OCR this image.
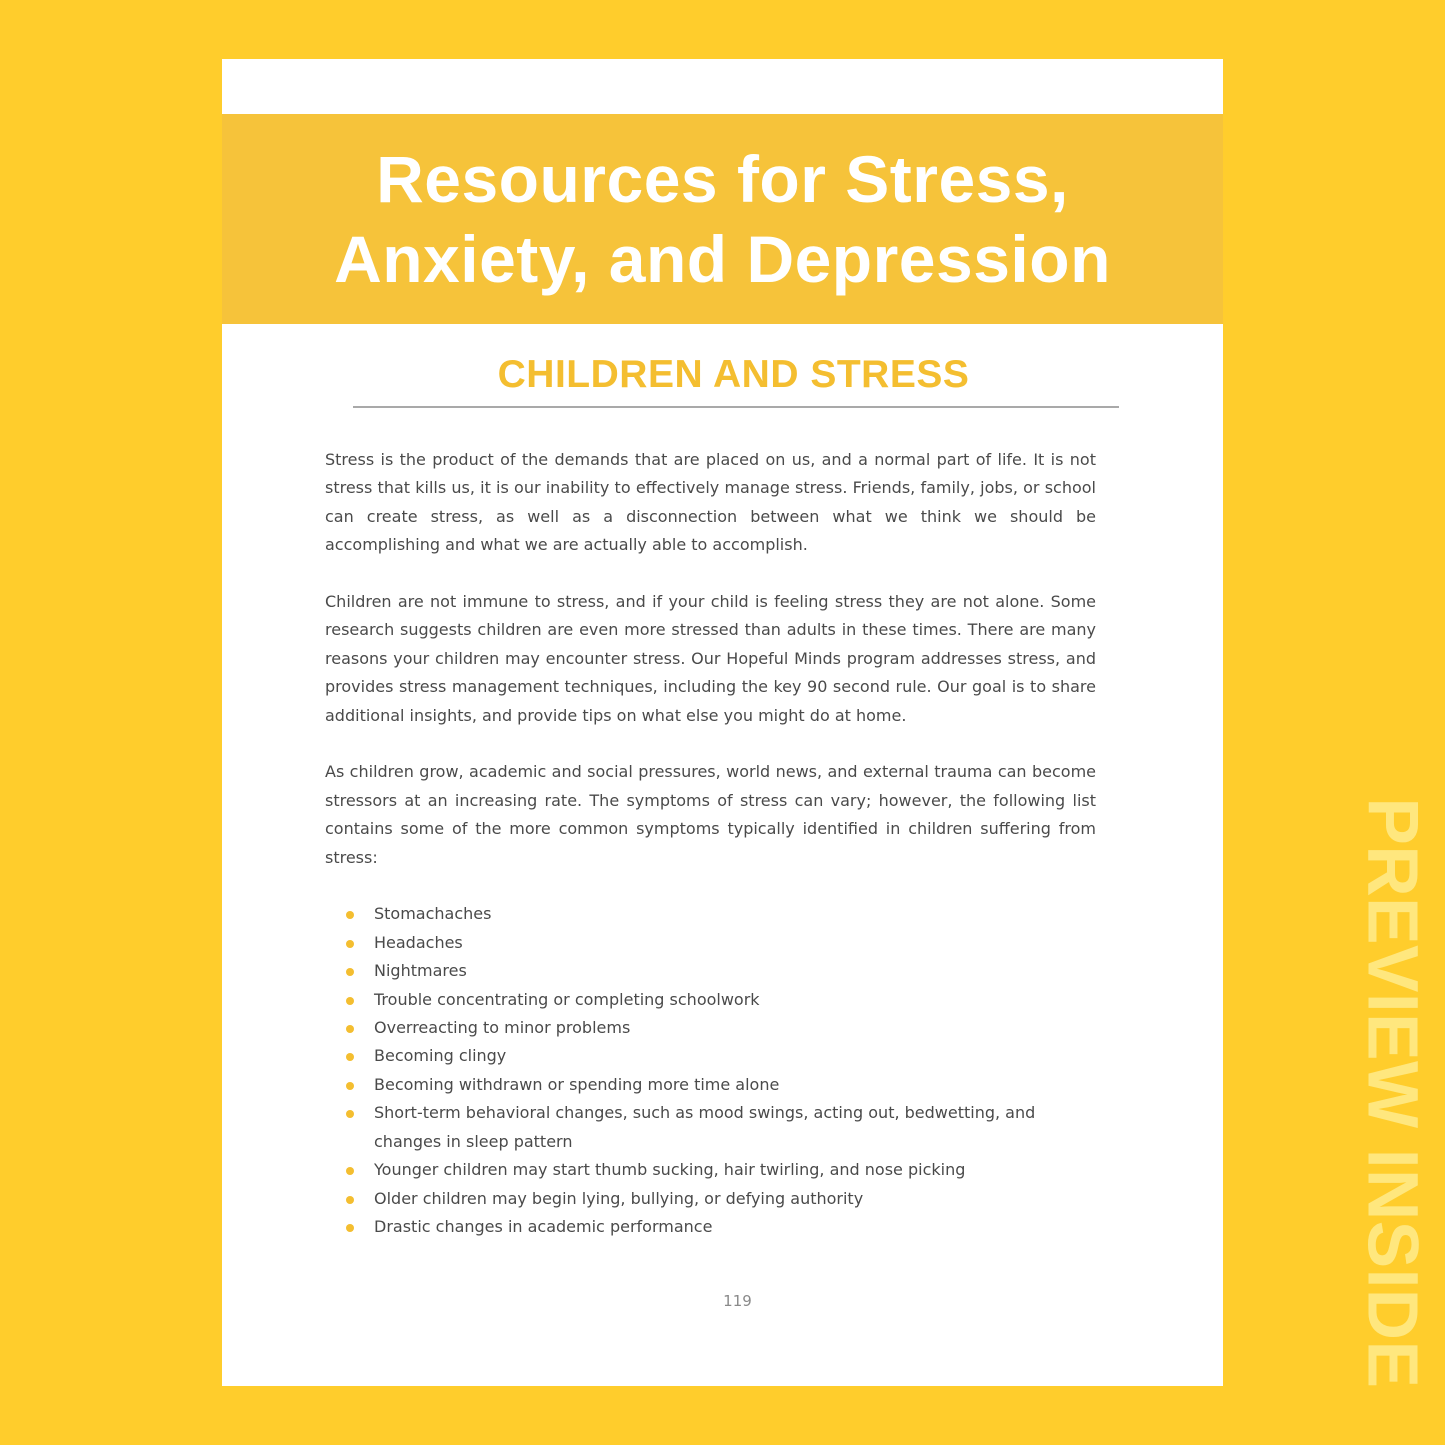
Resources for Stress,
Anxiety, and Depression
CHILDREN AND STRESS

Stress is the product of the demands that are placed on us, and a normal part of life. It is not stress that kills us, it is our inability to effectively manage stress. Friends, family, jobs, or school can create stress, as well as a disconnection between what we think we should be accomplishing and what we are actually able to accomplish.

Children are not immune to stress, and if your child is feeling stress they are not alone. Some research suggests children are even more stressed than adults in these times. There are many reasons your children may encounter stress. Our Hopeful Minds program addresses stress, and provides stress management techniques, including the key 90 second rule. Our goal is to share additional insights, and provide tips on what else you might do at home.

As children grow, academic and social pressures, world news, and external trauma can become stressors at an increasing rate. The symptoms of stress can vary; however, the following list contains some of the more common symptoms typically identified in children suffering from stress:

Stomachaches
Headaches
Nightmares
Trouble concentrating or completing schoolwork
Overreacting to minor problems
Becoming clingy
Becoming withdrawn or spending more time alone
Short-term behavioral changes, such as mood swings, acting out, bedwetting, and changes in sleep pattern
Younger children may start thumb sucking, hair twirling, and nose picking
Older children may begin lying, bullying, or defying authority
Drastic changes in academic performance
119	PREVIEW INSIDE
